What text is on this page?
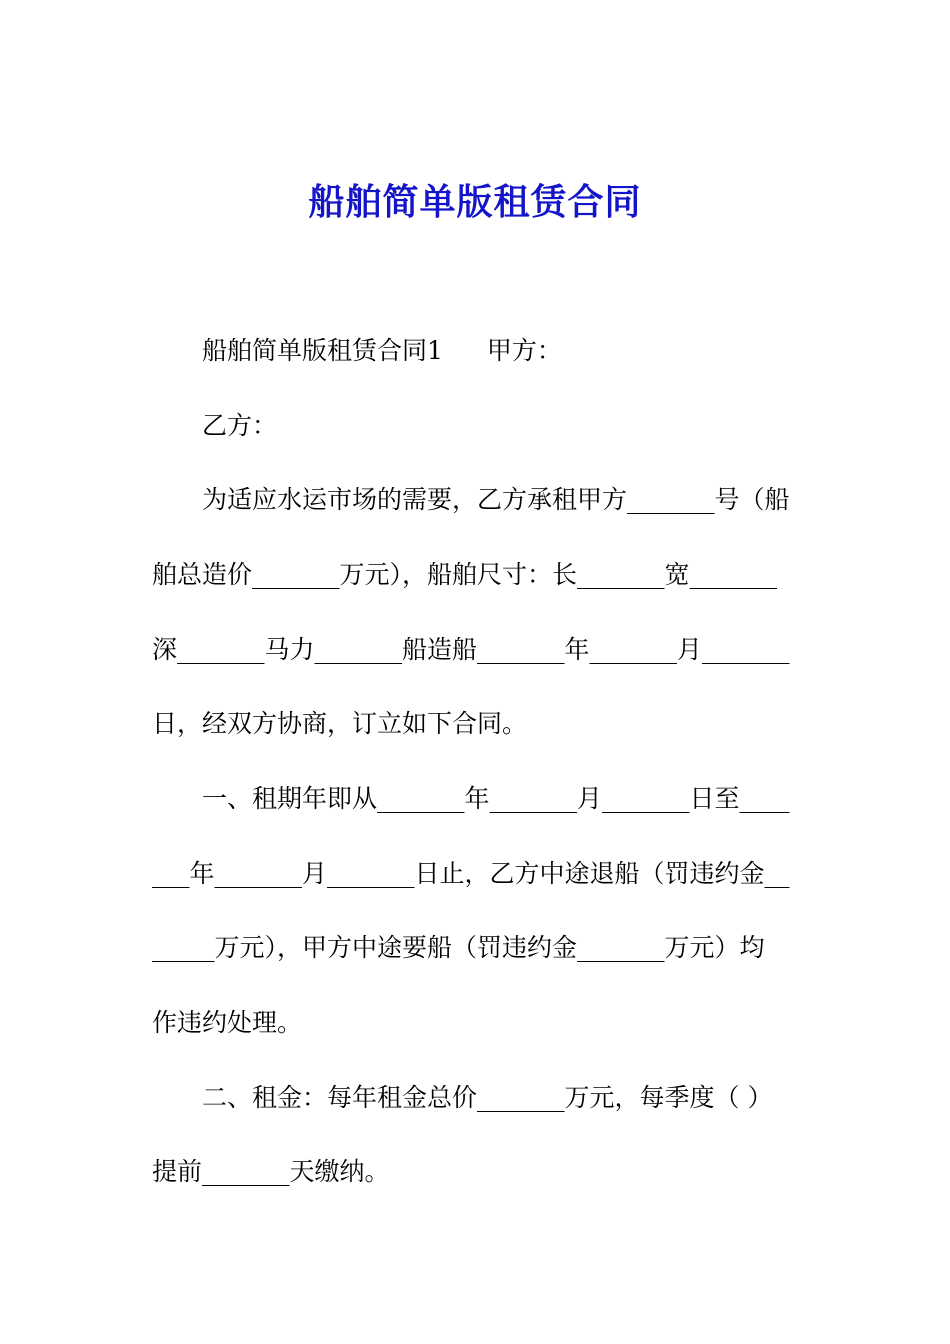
船舶简单版租赁合同
船舶简单版租赁合同1 甲方：
乙方：
为适应水运市场的需要，乙方承租甲方_______号（船
舶总造价_______万元），船舶尺寸：长_______宽_______
深_______马力_______船造船_______年_______月_______
日，经双方协商，订立如下合同。
一、租期年即从_______年_______月_______日至____
___年_______月_______日止，乙方中途退船（罚违约金__
_____万元），甲方中途要船（罚违约金_______万元）均
作违约处理。
二、租金：每年租金总价_______万元，每季度（ ）
提前_______天缴纳。
